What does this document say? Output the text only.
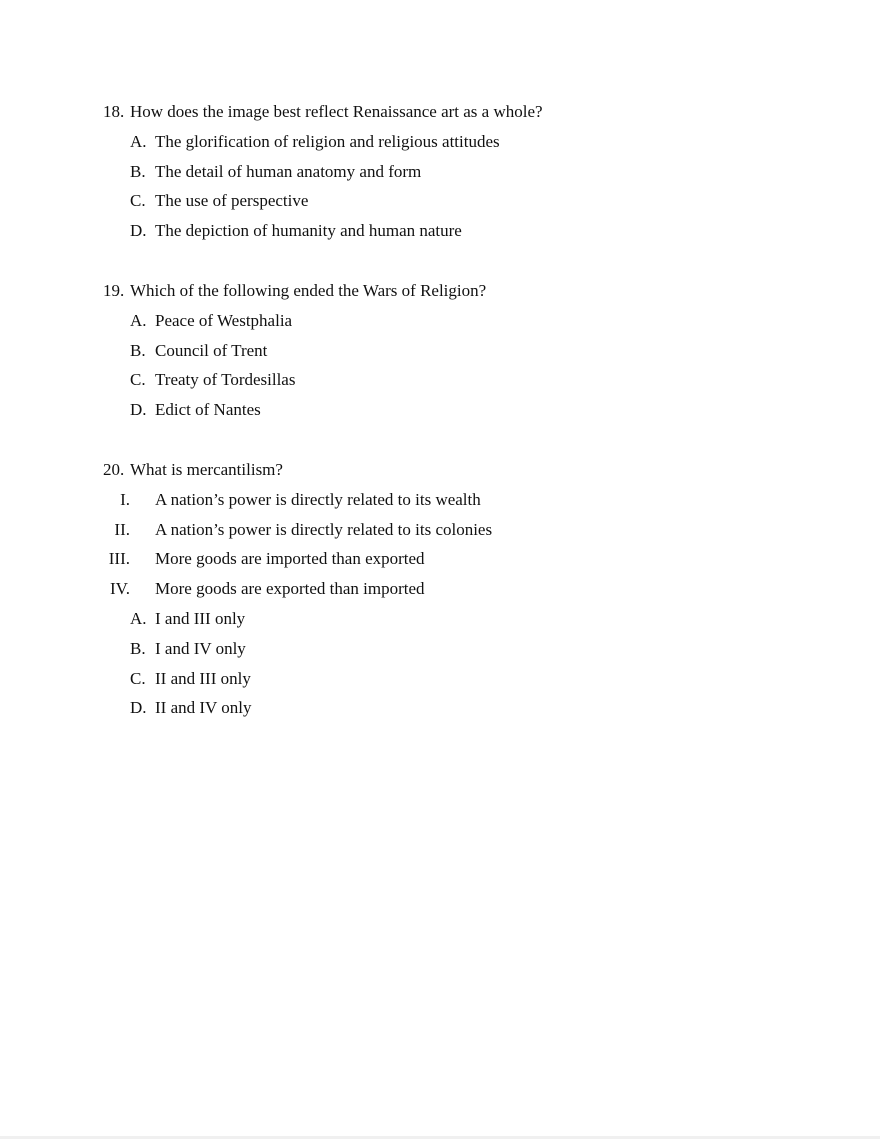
18. How does the image best reflect Renaissance art as a whole?
A. The glorification of religion and religious attitudes
B. The detail of human anatomy and form
C. The use of perspective
D. The depiction of humanity and human nature
19. Which of the following ended the Wars of Religion?
A. Peace of Westphalia
B. Council of Trent
C. Treaty of Tordesillas
D. Edict of Nantes
20. What is mercantilism?
I. A nation’s power is directly related to its wealth
II. A nation’s power is directly related to its colonies
III. More goods are imported than exported
IV. More goods are exported than imported
A. I and III only
B. I and IV only
C. II and III only
D. II and IV only
